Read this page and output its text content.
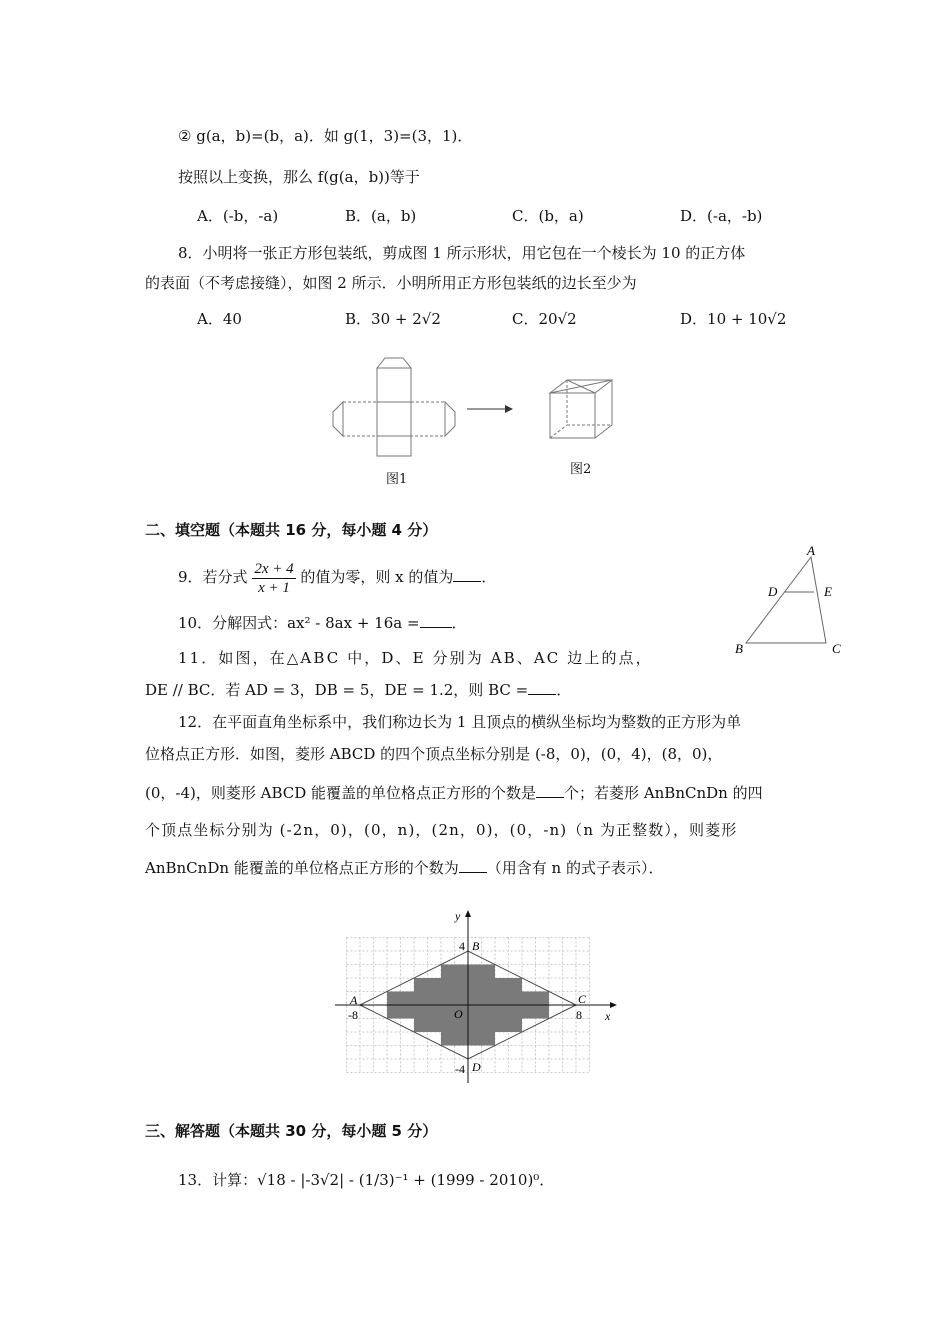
② g(a，b)=(b，a)．如 g(1，3)=(3，1)．
按照以上变换，那么 f(g(a，b))等于
A．(-b，-a)	B．(a，b)	C．(b，a)	D．(-a，-b)
8．小明将一张正方形包装纸，剪成图 1 所示形状，用它包在一个棱长为 10 的正方体
的表面（不考虑接缝），如图 2 所示．小明所用正方形包装纸的边长至少为
A．40	B．30 + 2√2	C．20√2	D．10 + 10√2
图1
图2
二、填空题（本题共 16 分，每小题 4 分）
9．若分式 $\frac{2x + 4}{x + 1}$ 的值为零，则 x 的值为 ．
10．分解因式：ax² - 8ax + 16a = ．
11．如图，在△ABC 中，D、E 分别为 AB、AC 边上的点，
DE // BC．若 AD = 3，DB = 5，DE = 1.2，则 BC = ．
A
D	E
B	C
12．在平面直角坐标系中，我们称边长为 1 且顶点的横纵坐标均为整数的正方形为单
位格点正方形．如图，菱形 ABCD 的四个顶点坐标分别是 (-8，0)，(0，4)，(8，0)，
(0，-4)，则菱形 ABCD 能覆盖的单位格点正方形的个数是 个；若菱形 AnBnCnDn 的四
个顶点坐标分别为 (-2n，0)，(0，n)，(2n，0)，(0，-n)（n 为正整数），则菱形
AnBnCnDn 能覆盖的单位格点正方形的个数为 （用含有 n 的式子表示）．
y
x
O
A
B
C
D
4
-4
8
-8
三、解答题（本题共 30 分，每小题 5 分）
13．计算：√18 - |-3√2| - (1/3)⁻¹ + (1999 - 2010)⁰．
